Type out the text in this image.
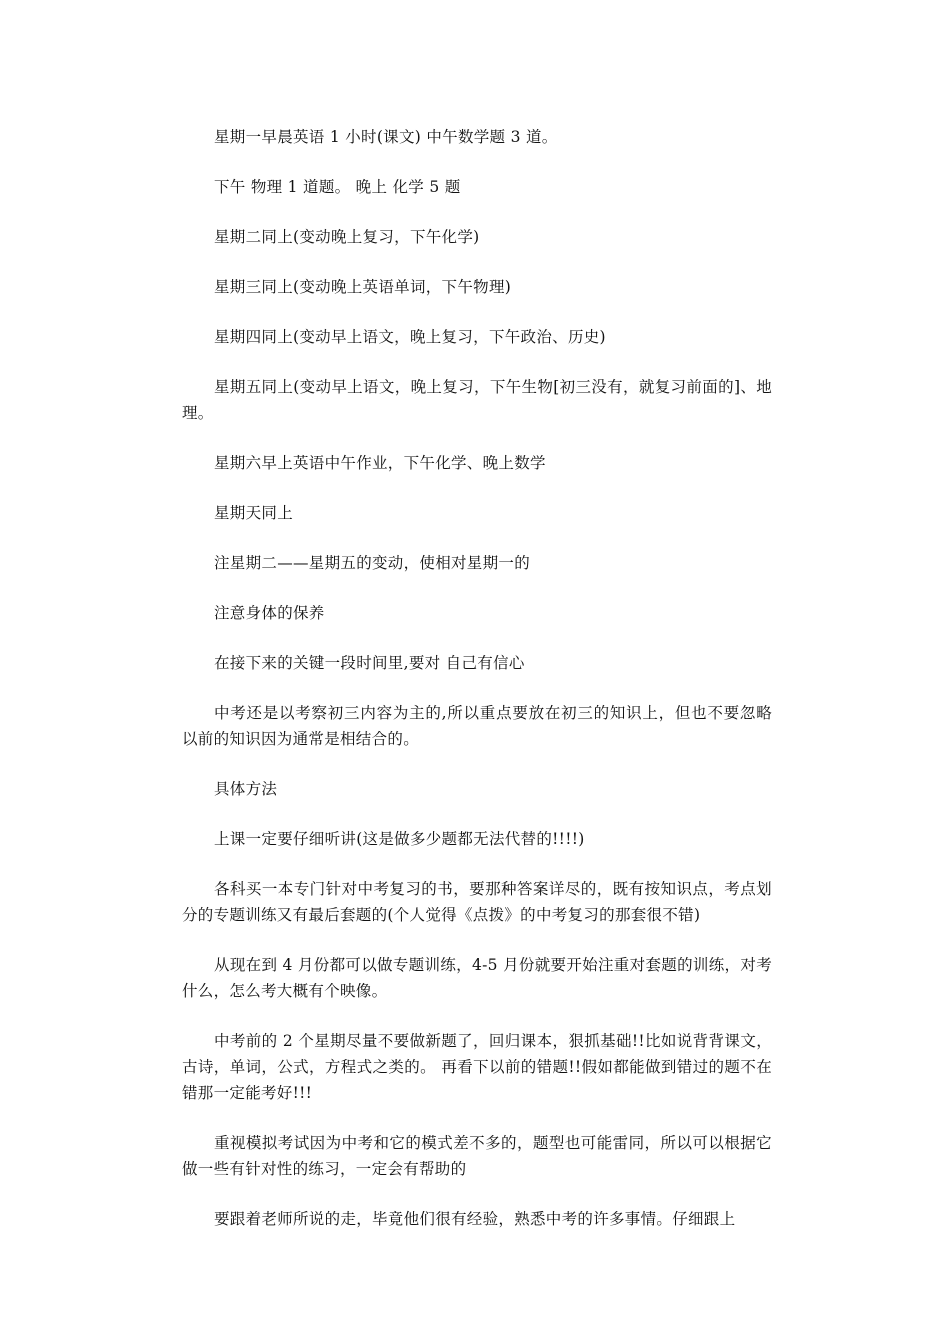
星期一早晨英语 1 小时(课文) 中午数学题 3 道。

下午 物理 1 道题。 晚上 化学 5 题

星期二同上(变动晚上复习，下午化学)

星期三同上(变动晚上英语单词，下午物理)

星期四同上(变动早上语文，晚上复习，下午政治、历史)

星期五同上(变动早上语文，晚上复习，下午生物[初三没有，就复习前面的]、地理。

星期六早上英语中午作业，下午化学、晚上数学

星期天同上

注星期二——星期五的变动，使相对星期一的

注意身体的保养

在接下来的关键一段时间里,要对 自己有信心

中考还是以考察初三内容为主的,所以重点要放在初三的知识上，但也不要忽略以前的知识因为通常是相结合的。

具体方法

上课一定要仔细听讲(这是做多少题都无法代替的!!!!)

各科买一本专门针对中考复习的书，要那种答案详尽的，既有按知识点，考点划分的专题训练又有最后套题的(个人觉得《点拨》的中考复习的那套很不错)

从现在到 4 月份都可以做专题训练，4-5 月份就要开始注重对套题的训练，对考什么，怎么考大概有个映像。

中考前的 2 个星期尽量不要做新题了，回归课本，狠抓基础!!比如说背背课文，古诗，单词，公式，方程式之类的。 再看下以前的错题!!假如都能做到错过的题不在错那一定能考好!!!

重视模拟考试因为中考和它的模式差不多的，题型也可能雷同，所以可以根据它做一些有针对性的练习，一定会有帮助的

要跟着老师所说的走，毕竟他们很有经验，熟悉中考的许多事情。仔细跟上
